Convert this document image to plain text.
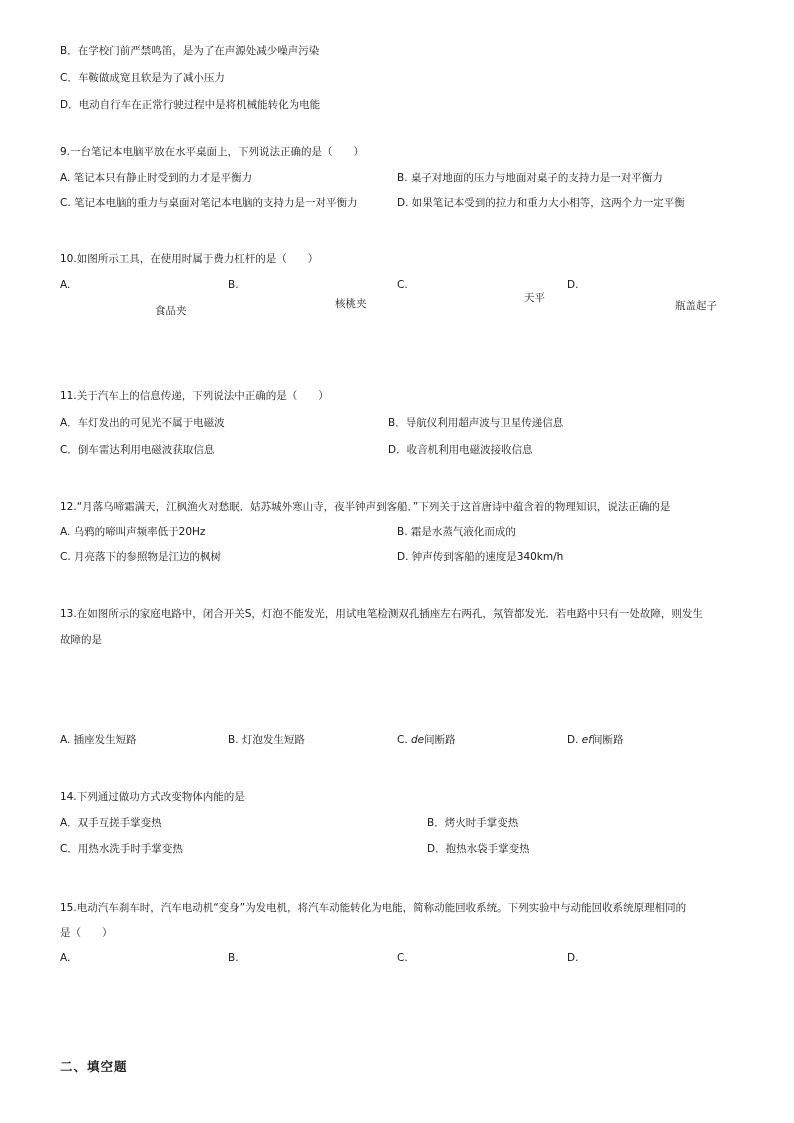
B．在学校门前严禁鸣笛，是为了在声源处减少噪声污染
C．车鞍做成宽且软是为了减小压力
D．电动自行车在正常行驶过程中是将机械能转化为电能
9.一台笔记本电脑平放在水平桌面上，下列说法正确的是（　　）
A. 笔记本只有静止时受到的力才是平衡力	B. 桌子对地面的压力与地面对桌子的支持力是一对平衡力
C. 笔记本电脑的重力与桌面对笔记本电脑的支持力是一对平衡力	D. 如果笔记本受到的拉力和重力大小相等，这两个力一定平衡
10.如图所示工具，在使用时属于费力杠杆的是（　　）
A.	B.	C.	D.
食品夹
核桃夹	天平
瓶盖起子
11.关于汽车上的信息传递，下列说法中正确的是（　　）
A．车灯发出的可见光不属于电磁波	B．导航仪利用超声波与卫星传递信息
C．倒车雷达利用电磁波获取信息	D．收音机利用电磁波接收信息
12.“月落乌啼霜满天，江枫渔火对愁眠．姑苏城外寒山寺，夜半钟声到客船．”下列关于这首唐诗中蕴含着的物理知识，说法正确的是
A. 乌鸦的啼叫声频率低于20Hz	B. 霜是水蒸气液化而成的
C. 月亮落下的参照物是江边的枫树	D. 钟声传到客船的速度是340km/h
13.在如图所示的家庭电路中，闭合开关S，灯泡不能发光，用试电笔检测双孔插座左右两孔，氖管都发光．若电路中只有一处故障，则发生
故障的是
A. 插座发生短路	B. 灯泡发生短路	C. de间断路	D. ef间断路
14.下列通过做功方式改变物体内能的是
A．双手互搓手掌变热	B．烤火时手掌变热
C．用热水洗手时手掌变热	D．抱热水袋手掌变热
15.电动汽车刹车时，汽车电动机“变身”为发电机，将汽车动能转化为电能，简称动能回收系统。下列实验中与动能回收系统原理相同的
是（　　）
A.	B.	C.	D.
二、填空题
